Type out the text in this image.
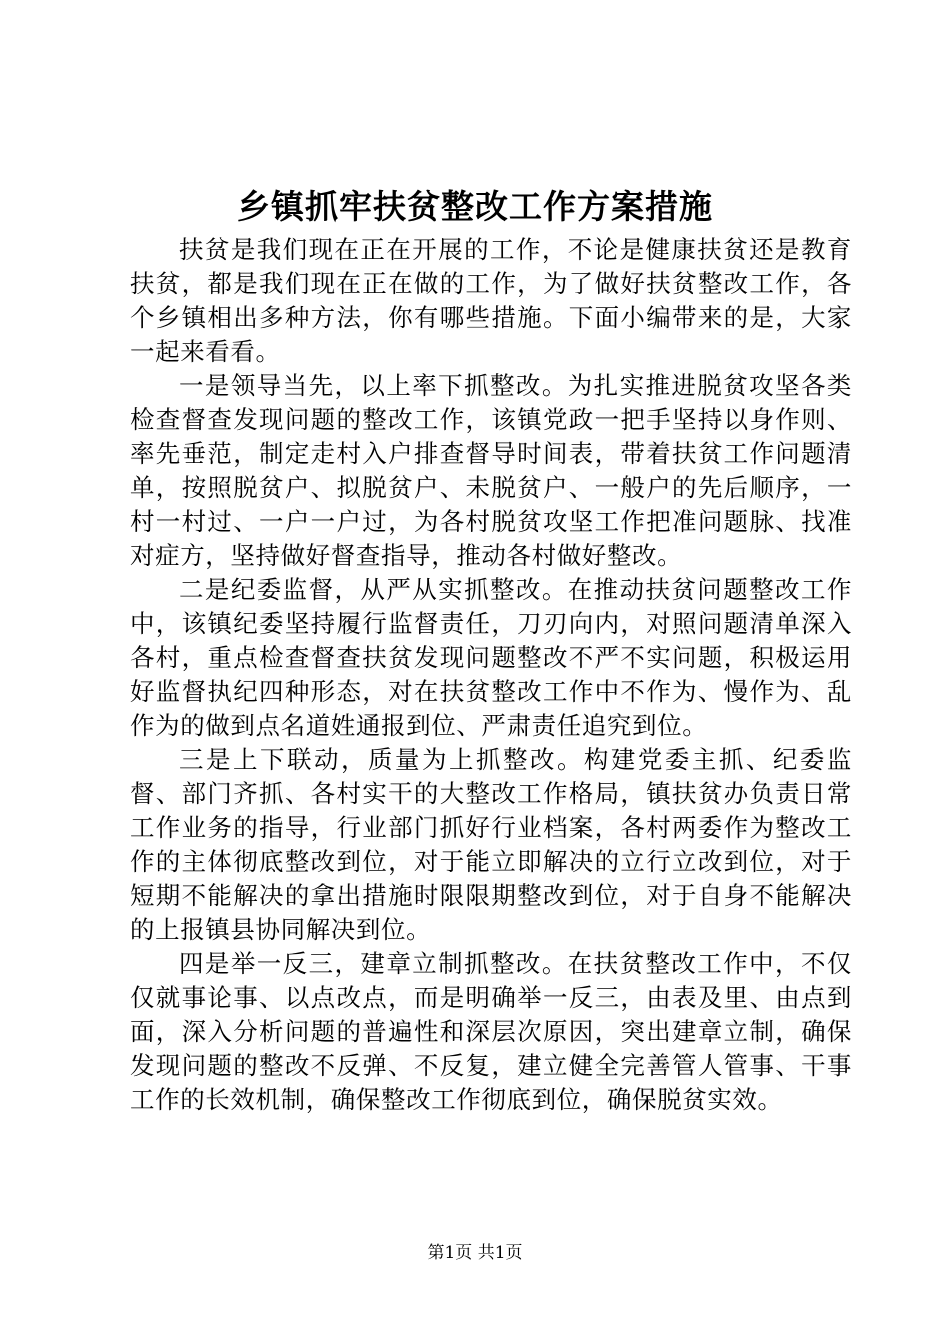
乡镇抓牢扶贫整改工作方案措施

扶贫是我们现在正在开展的工作，不论是健康扶贫还是教育扶贫，都是我们现在正在做的工作，为了做好扶贫整改工作，各个乡镇相出多种方法，你有哪些措施。下面小编带来的是，大家一起来看看。

一是领导当先，以上率下抓整改。为扎实推进脱贫攻坚各类检查督查发现问题的整改工作，该镇党政一把手坚持以身作则、率先垂范，制定走村入户排查督导时间表，带着扶贫工作问题清单，按照脱贫户、拟脱贫户、未脱贫户、一般户的先后顺序，一村一村过、一户一户过，为各村脱贫攻坚工作把准问题脉、找准对症方，坚持做好督查指导，推动各村做好整改。

二是纪委监督，从严从实抓整改。在推动扶贫问题整改工作中，该镇纪委坚持履行监督责任，刀刃向内，对照问题清单深入各村，重点检查督查扶贫发现问题整改不严不实问题，积极运用好监督执纪四种形态，对在扶贫整改工作中不作为、慢作为、乱作为的做到点名道姓通报到位、严肃责任追究到位。

三是上下联动，质量为上抓整改。构建党委主抓、纪委监督、部门齐抓、各村实干的大整改工作格局，镇扶贫办负责日常工作业务的指导，行业部门抓好行业档案，各村两委作为整改工作的主体彻底整改到位，对于能立即解决的立行立改到位，对于短期不能解决的拿出措施时限限期整改到位，对于自身不能解决的上报镇县协同解决到位。

四是举一反三，建章立制抓整改。在扶贫整改工作中，不仅仅就事论事、以点改点，而是明确举一反三，由表及里、由点到面，深入分析问题的普遍性和深层次原因，突出建章立制，确保发现问题的整改不反弹、不反复，建立健全完善管人管事、干事工作的长效机制，确保整改工作彻底到位，确保脱贫实效。

第1页 共1页
